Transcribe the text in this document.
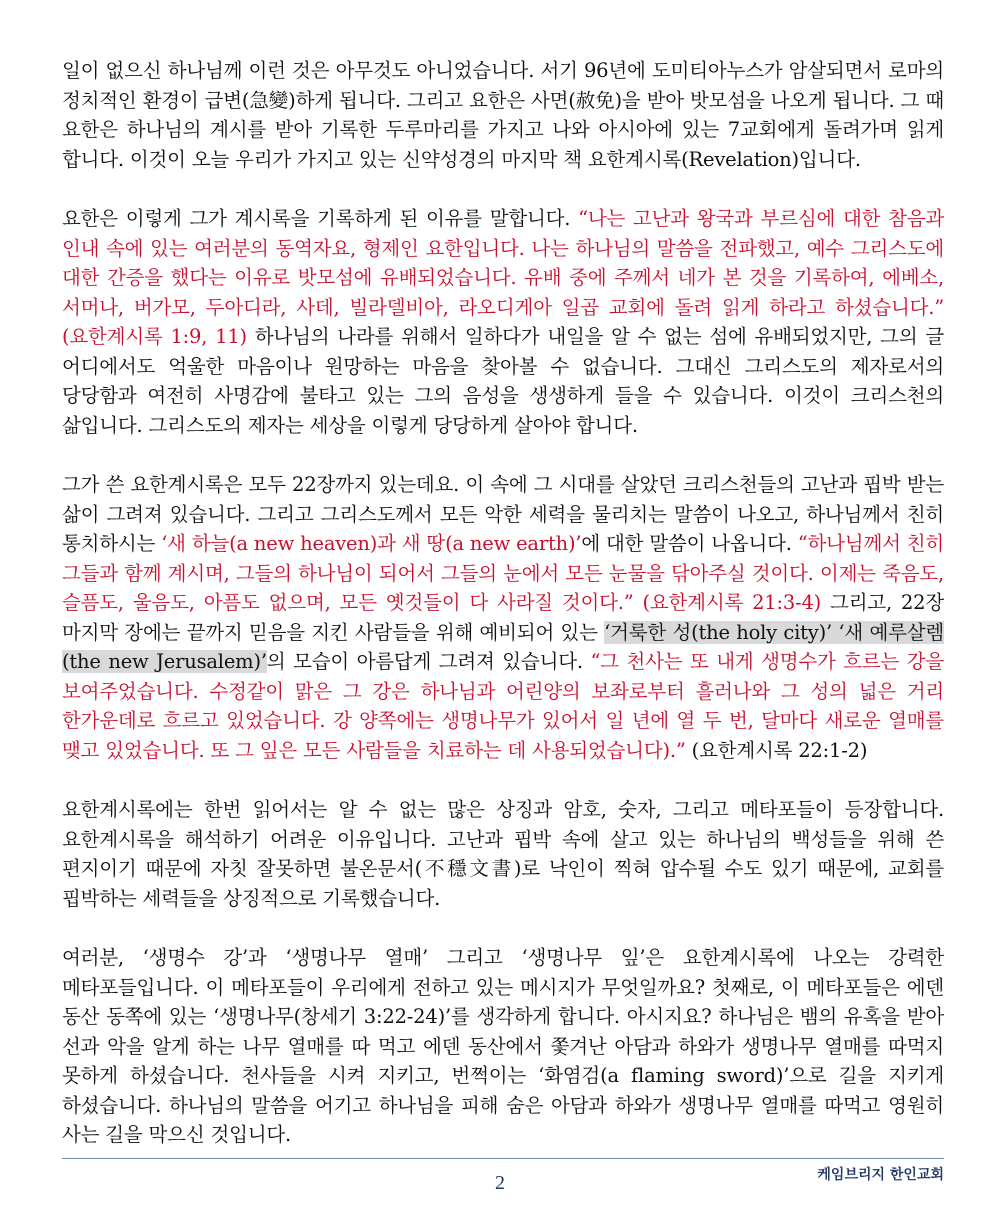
일이 없으신 하나님께 이런 것은 아무것도 아니었습니다. 서기 96년에 도미티아누스가 암살되면서 로마의 정치적인 환경이 급변(急變)하게 됩니다. 그리고 요한은 사면(赦免)을 받아 밧모섬을 나오게 됩니다. 그 때 요한은 하나님의 계시를 받아 기록한 두루마리를 가지고 나와 아시아에 있는 7교회에게 돌려가며 읽게 합니다. 이것이 오늘 우리가 가지고 있는 신약성경의 마지막 책 요한계시록(Revelation)입니다.

요한은 이렇게 그가 계시록을 기록하게 된 이유를 말합니다. “나는 고난과 왕국과 부르심에 대한 참음과 인내 속에 있는 여러분의 동역자요, 형제인 요한입니다. 나는 하나님의 말씀을 전파했고, 예수 그리스도에 대한 간증을 했다는 이유로 밧모섬에 유배되었습니다. 유배 중에 주께서 네가 본 것을 기록하여, 에베소, 서머나, 버가모, 두아디라, 사데, 빌라델비아, 라오디게아 일곱 교회에 돌려 읽게 하라고 하셨습니다.” (요한계시록 1:9, 11) 하나님의 나라를 위해서 일하다가 내일을 알 수 없는 섬에 유배되었지만, 그의 글 어디에서도 억울한 마음이나 원망하는 마음을 찾아볼 수 없습니다. 그대신 그리스도의 제자로서의 당당함과 여전히 사명감에 불타고 있는 그의 음성을 생생하게 들을 수 있습니다. 이것이 크리스천의 삶입니다. 그리스도의 제자는 세상을 이렇게 당당하게 살아야 합니다.

그가 쓴 요한계시록은 모두 22장까지 있는데요. 이 속에 그 시대를 살았던 크리스천들의 고난과 핍박 받는 삶이 그려져 있습니다. 그리고 그리스도께서 모든 악한 세력을 물리치는 말씀이 나오고, 하나님께서 친히 통치하시는 ‘새 하늘(a new heaven)과 새 땅(a new earth)’에 대한 말씀이 나옵니다. “하나님께서 친히 그들과 함께 계시며, 그들의 하나님이 되어서 그들의 눈에서 모든 눈물을 닦아주실 것이다. 이제는 죽음도, 슬픔도, 울음도, 아픔도 없으며, 모든 옛것들이 다 사라질 것이다.” (요한계시록 21:3-4) 그리고, 22장 마지막 장에는 끝까지 믿음을 지킨 사람들을 위해 예비되어 있는 ‘거룩한 성(the holy city)’ ‘새 예루살렘(the new Jerusalem)’의 모습이 아름답게 그려져 있습니다. “그 천사는 또 내게 생명수가 흐르는 강을 보여주었습니다. 수정같이 맑은 그 강은 하나님과 어린양의 보좌로부터 흘러나와 그 성의 넓은 거리 한가운데로 흐르고 있었습니다. 강 양쪽에는 생명나무가 있어서 일 년에 열 두 번, 달마다 새로운 열매를 맺고 있었습니다. 또 그 잎은 모든 사람들을 치료하는 데 사용되었습니다).” (요한계시록 22:1-2)

요한계시록에는 한번 읽어서는 알 수 없는 많은 상징과 암호, 숫자, 그리고 메타포들이 등장합니다. 요한계시록을 해석하기 어려운 이유입니다. 고난과 핍박 속에 살고 있는 하나님의 백성들을 위해 쓴 편지이기 때문에 자칫 잘못하면 불온문서(不穩文書)로 낙인이 찍혀 압수될 수도 있기 때문에, 교회를 핍박하는 세력들을 상징적으로 기록했습니다.

여러분, ‘생명수 강’과 ‘생명나무 열매’ 그리고 ‘생명나무 잎’은 요한계시록에 나오는 강력한 메타포들입니다. 이 메타포들이 우리에게 전하고 있는 메시지가 무엇일까요? 첫째로, 이 메타포들은 에덴 동산 동쪽에 있는 ‘생명나무(창세기 3:22-24)’를 생각하게 합니다. 아시지요? 하나님은 뱀의 유혹을 받아 선과 악을 알게 하는 나무 열매를 따 먹고 에덴 동산에서 쫓겨난 아담과 하와가 생명나무 열매를 따먹지 못하게 하셨습니다. 천사들을 시켜 지키고, 번쩍이는 ‘화염검(a flaming sword)’으로 길을 지키게 하셨습니다. 하나님의 말씀을 어기고 하나님을 피해 숨은 아담과 하와가 생명나무 열매를 따먹고 영원히 사는 길을 막으신 것입니다.

2	케임브리지 한인교회
